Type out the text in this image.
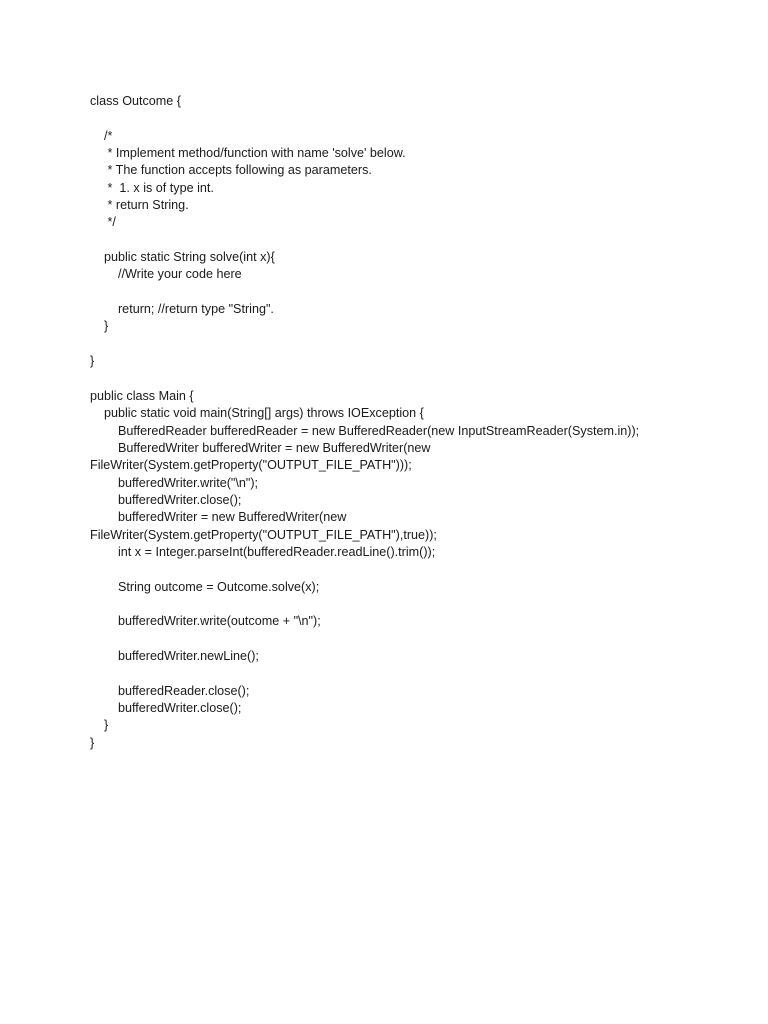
class Outcome {
/*
* Implement method/function with name 'solve' below.
* The function accepts following as parameters.
*  1. x is of type int.
* return String.
*/
public static String solve(int x){
//Write your code here
return; //return type "String".
}
}
public class Main {
public static void main(String[] args) throws IOException {
BufferedReader bufferedReader = new BufferedReader(new InputStreamReader(System.in));
BufferedWriter bufferedWriter = new BufferedWriter(new
FileWriter(System.getProperty("OUTPUT_FILE_PATH")));
bufferedWriter.write("\n");
bufferedWriter.close();
bufferedWriter = new BufferedWriter(new
FileWriter(System.getProperty("OUTPUT_FILE_PATH"),true));
int x = Integer.parseInt(bufferedReader.readLine().trim());
String outcome = Outcome.solve(x);
bufferedWriter.write(outcome + "\n");
bufferedWriter.newLine();
bufferedReader.close();
bufferedWriter.close();
}
}
